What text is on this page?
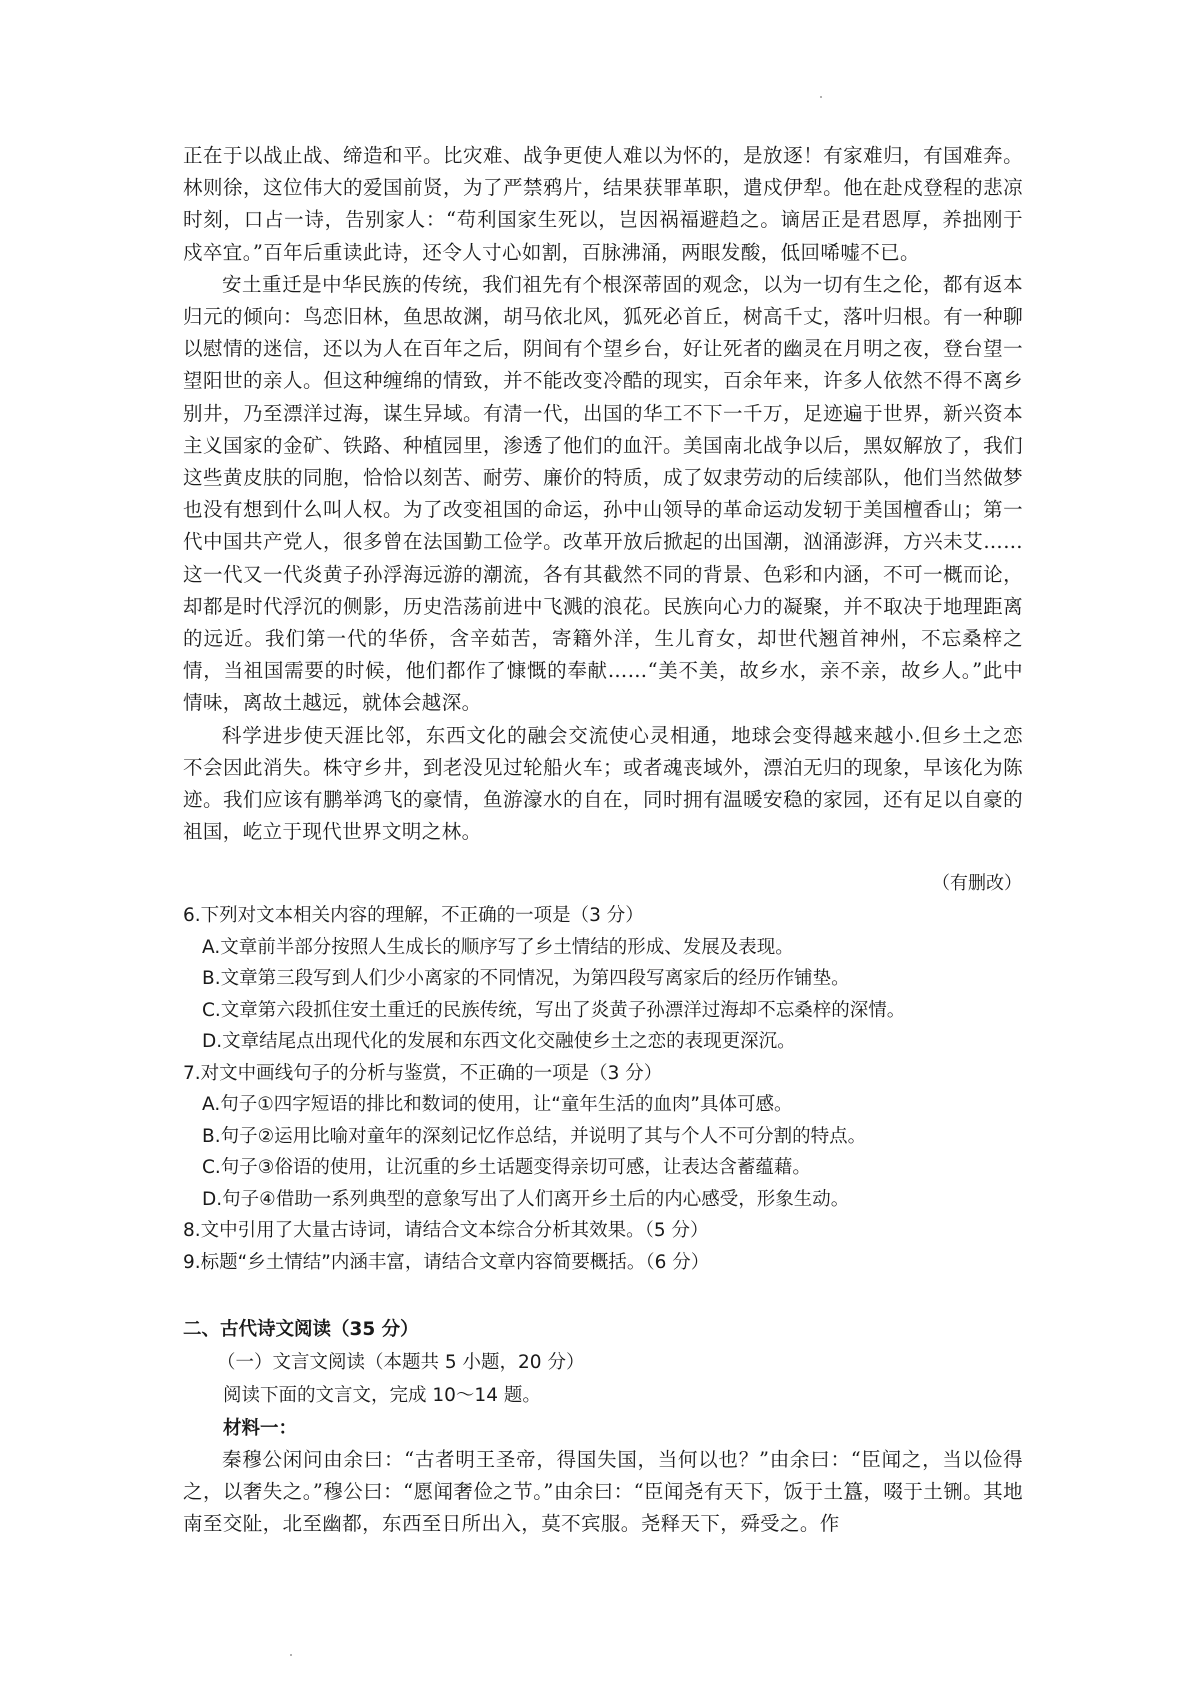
正在于以战止战、缔造和平。比灾难、战争更使人难以为怀的，是放逐！有家难归，有国难奔。林则徐，这位伟大的爱国前贤，为了严禁鸦片，结果获罪革职，遣戍伊犁。他在赴戍登程的悲凉时刻，口占一诗，告别家人：“苟利国家生死以，岂因祸福避趋之。谪居正是君恩厚，养拙刚于戍卒宜。”百年后重读此诗，还令人寸心如割，百脉沸涌，两眼发酸，低回唏嘘不已。

安土重迁是中华民族的传统，我们祖先有个根深蒂固的观念，以为一切有生之伦，都有返本归元的倾向：鸟恋旧林，鱼思故渊，胡马依北风，狐死必首丘，树高千丈，落叶归根。有一种聊以慰情的迷信，还以为人在百年之后，阴间有个望乡台，好让死者的幽灵在月明之夜，登台望一望阳世的亲人。但这种缠绵的情致，并不能改变冷酷的现实，百余年来，许多人依然不得不离乡别井，乃至漂洋过海，谋生异域。有清一代，出国的华工不下一千万，足迹遍于世界，新兴资本主义国家的金矿、铁路、种植园里，渗透了他们的血汗。美国南北战争以后，黑奴解放了，我们这些黄皮肤的同胞，恰恰以刻苦、耐劳、廉价的特质，成了奴隶劳动的后续部队，他们当然做梦也没有想到什么叫人权。为了改变祖国的命运，孙中山领导的革命运动发轫于美国檀香山；第一代中国共产党人，很多曾在法国勤工俭学。改革开放后掀起的出国潮，汹涌澎湃，方兴未艾……这一代又一代炎黄子孙浮海远游的潮流，各有其截然不同的背景、色彩和内涵，不可一概而论，却都是时代浮沉的侧影，历史浩荡前进中飞溅的浪花。民族向心力的凝聚，并不取决于地理距离的远近。我们第一代的华侨，含辛茹苦，寄籍外洋，生儿育女，却世代翘首神州，不忘桑梓之情，当祖国需要的时候，他们都作了慷慨的奉献……“美不美，故乡水，亲不亲，故乡人。”此中情味，离故土越远，就体会越深。

科学进步使天涯比邻，东西文化的融会交流使心灵相通，地球会变得越来越小.但乡土之恋不会因此消失。株守乡井，到老没见过轮船火车；或者魂丧域外，漂泊无归的现象，早该化为陈迹。我们应该有鹏举鸿飞的豪情，鱼游濠水的自在，同时拥有温暖安稳的家园，还有足以自豪的祖国，屹立于现代世界文明之林。

（有删改）

6.下列对文本相关内容的理解，不正确的一项是（3 分）

A.文章前半部分按照人生成长的顺序写了乡土情结的形成、发展及表现。

B.文章第三段写到人们少小离家的不同情况，为第四段写离家后的经历作铺垫。

C.文章第六段抓住安土重迁的民族传统，写出了炎黄子孙漂洋过海却不忘桑梓的深情。

D.文章结尾点出现代化的发展和东西文化交融使乡土之恋的表现更深沉。

7.对文中画线句子的分析与鉴赏，不正确的一项是（3 分）

A.句子①四字短语的排比和数词的使用，让“童年生活的血肉”具体可感。

B.句子②运用比喻对童年的深刻记忆作总结，并说明了其与个人不可分割的特点。

C.句子③俗语的使用，让沉重的乡土话题变得亲切可感，让表达含蓄蕴藉。

D.句子④借助一系列典型的意象写出了人们离开乡土后的内心感受，形象生动。

8.文中引用了大量古诗词，请结合文本综合分析其效果。（5 分）

9.标题“乡土情结”内涵丰富，请结合文章内容简要概括。（6 分）

二、古代诗文阅读（35 分）

（一）文言文阅读（本题共 5 小题，20 分）

阅读下面的文言文，完成 10～14 题。

材料一：

秦穆公闲问由余曰：“古者明王圣帝，得国失国，当何以也？”由余曰：“臣闻之，当以俭得之，以奢失之。”穆公曰：“愿闻奢俭之节。”由余曰：“臣闻尧有天下，饭于土簋，啜于土铏。其地南至交阯，北至幽都，东西至日所出入，莫不宾服。尧释天下，舜受之。作
